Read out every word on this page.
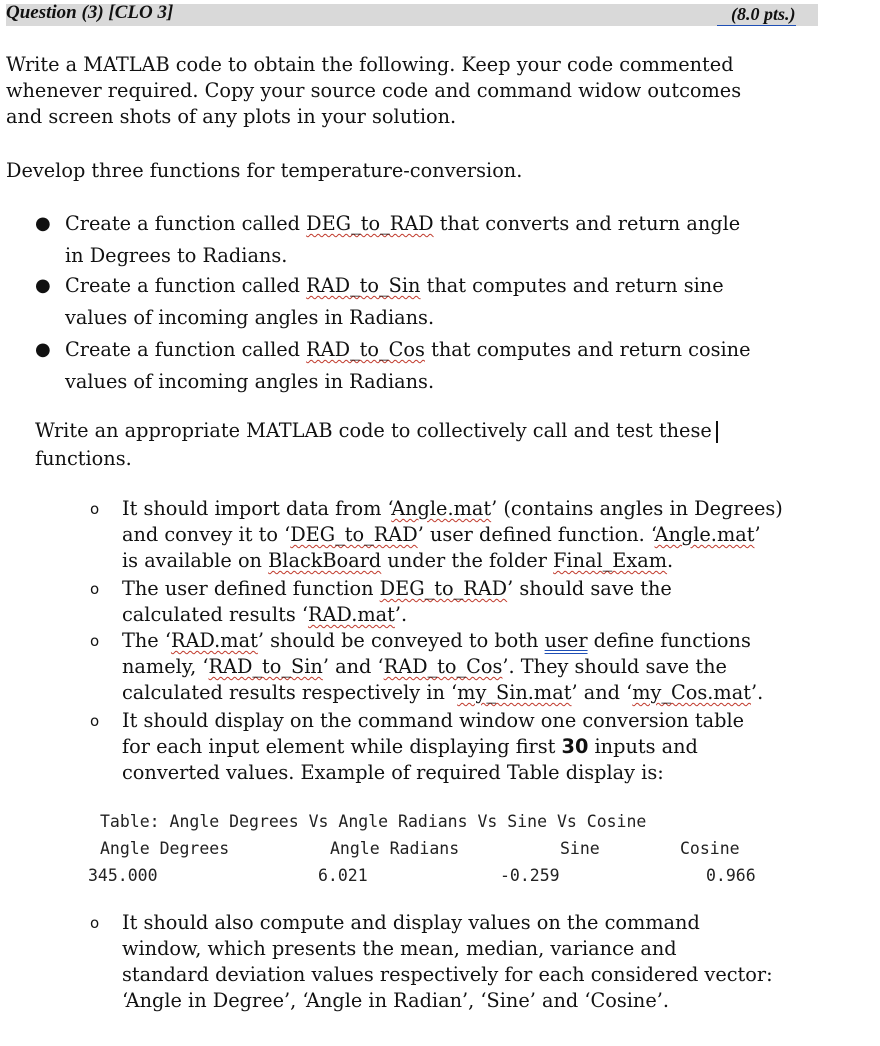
Question (3) [CLO 3]	(8.0 pts.)
Write a MATLAB code to obtain the following. Keep your code commented
whenever required. Copy your source code and command widow outcomes
and screen shots of any plots in your solution.
Develop three functions for temperature-conversion.
● Create a function called DEG_to_RAD that converts and return angle
in Degrees to Radians.
● Create a function called RAD_to_Sin that computes and return sine
values of incoming angles in Radians.
● Create a function called RAD_to_Cos that computes and return cosine
values of incoming angles in Radians.
Write an appropriate MATLAB code to collectively call and test these
functions.
o It should import data from ‘Angle.mat’ (contains angles in Degrees)
and convey it to ‘DEG_to_RAD’ user defined function. ‘Angle.mat’
is available on BlackBoard under the folder Final_Exam.
o The user defined function DEG_to_RAD’ should save the
calculated results ‘RAD.mat’.
o The ‘RAD.mat’ should be conveyed to both user define functions
namely, ‘RAD_to_Sin’ and ‘RAD_to_Cos’. They should save the
calculated results respectively in ‘my_Sin.mat’ and ‘my_Cos.mat’.
o It should display on the command window one conversion table
for each input element while displaying first 30 inputs and
converted values. Example of required Table display is:
Table: Angle Degrees Vs Angle Radians Vs Sine Vs Cosine
Angle Degrees	Angle Radians	Sine	Cosine
345.000	6.021	-0.259	0.966
o It should also compute and display values on the command
window, which presents the mean, median, variance and
standard deviation values respectively for each considered vector:
‘Angle in Degree’, ‘Angle in Radian’, ‘Sine’ and ‘Cosine’.
